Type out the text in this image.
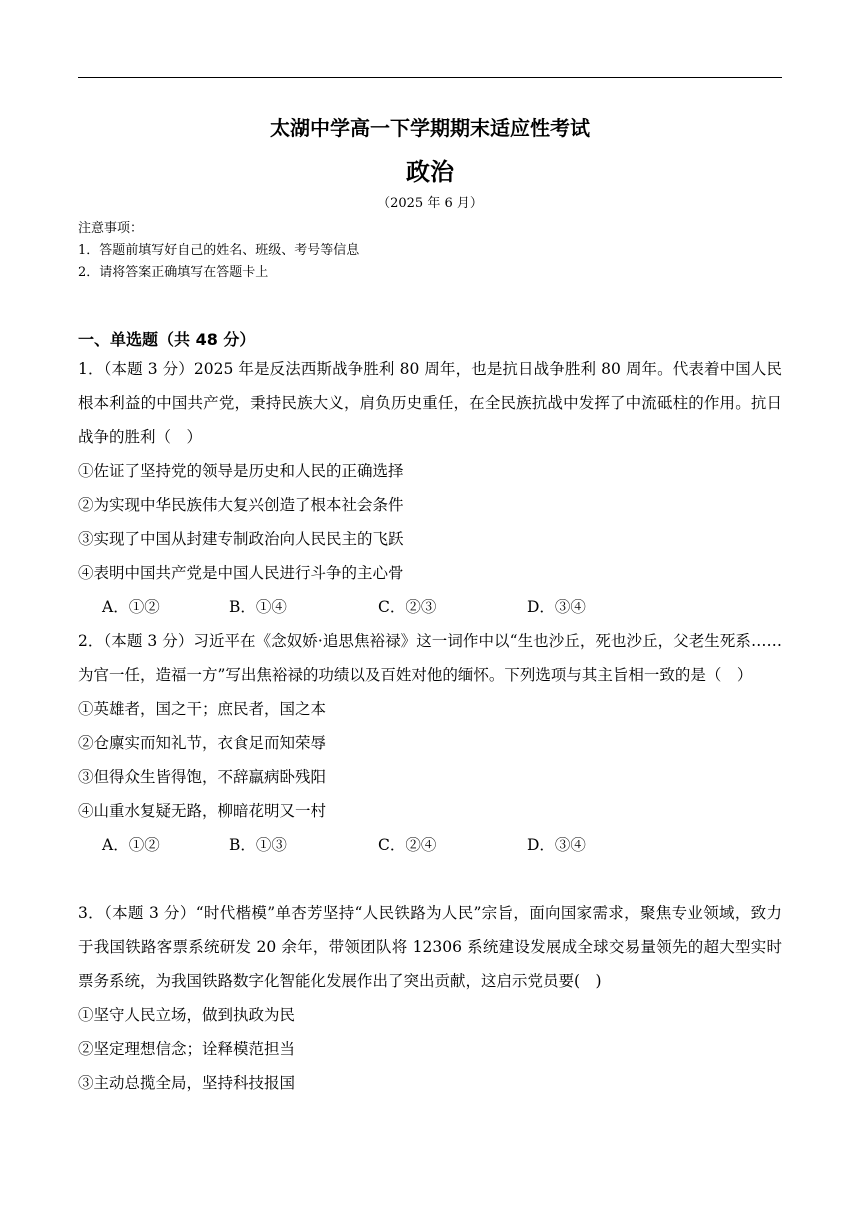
太湖中学高一下学期期末适应性考试
政治
（2025 年 6 月）
注意事项：
1．答题前填写好自己的姓名、班级、考号等信息
2．请将答案正确填写在答题卡上
一、单选题（共 48 分）

1．（本题 3 分）2025 年是反法西斯战争胜利 80 周年，也是抗日战争胜利 80 周年。代表着中国人民根本利益的中国共产党，秉持民族大义，肩负历史重任，在全民族抗战中发挥了中流砥柱的作用。抗日战争的胜利（　）

①佐证了坚持党的领导是历史和人民的正确选择

②为实现中华民族伟大复兴创造了根本社会条件

③实现了中国从封建专制政治向人民民主的飞跃

④表明中国共产党是中国人民进行斗争的主心骨

A．①②	B．①④	C．②③	D．③④

2．（本题 3 分）习近平在《念奴娇·追思焦裕禄》这一词作中以“生也沙丘，死也沙丘，父老生死系……为官一任，造福一方”写出焦裕禄的功绩以及百姓对他的缅怀。下列选项与其主旨相一致的是（　）

①英雄者，国之干；庶民者，国之本

②仓廪实而知礼节，衣食足而知荣辱

③但得众生皆得饱，不辞羸病卧残阳

④山重水复疑无路，柳暗花明又一村

A．①②	B．①③	C．②④	D．③④

3．（本题 3 分）“时代楷模”单杏芳坚持“人民铁路为人民”宗旨，面向国家需求，聚焦专业领域，致力于我国铁路客票系统研发 20 余年，带领团队将 12306 系统建设发展成全球交易量领先的超大型实时票务系统，为我国铁路数字化智能化发展作出了突出贡献，这启示党员要(　)

①坚守人民立场，做到执政为民

②坚定理想信念；诠释模范担当

③主动总揽全局，坚持科技报国
